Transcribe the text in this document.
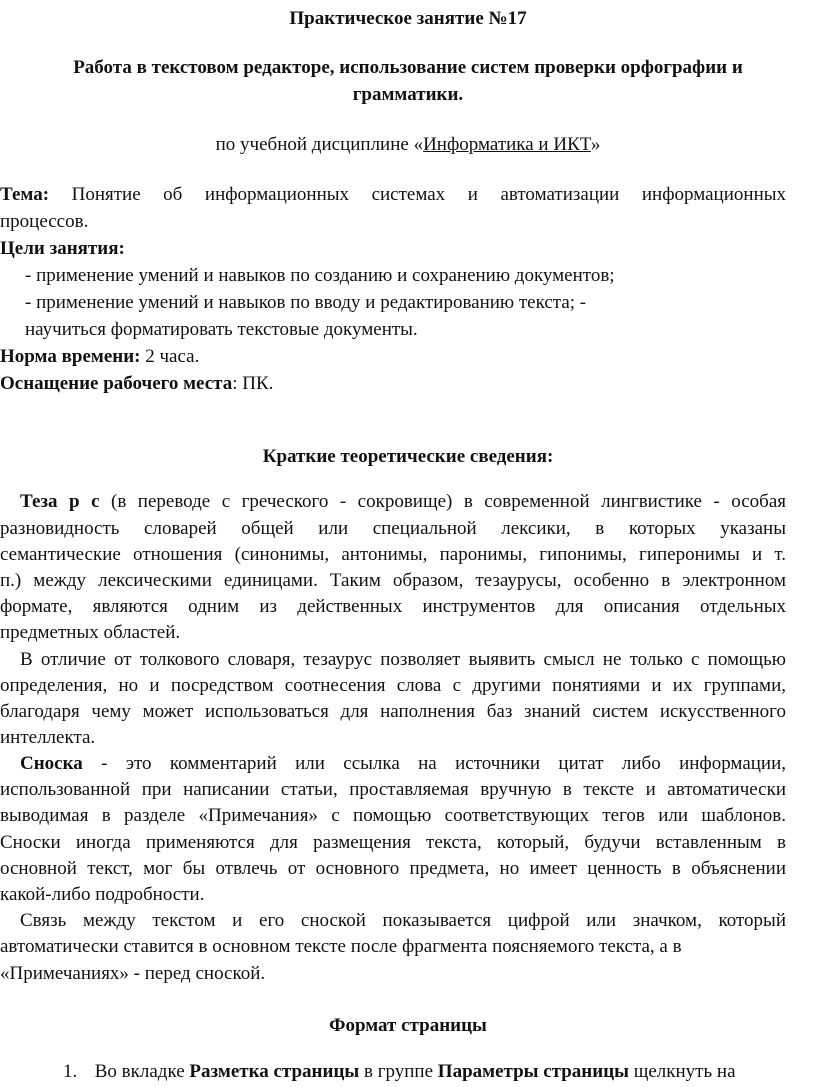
Практическое занятие №17
Работа в текстовом редакторе, использование систем проверки орфографии и
грамматики.
по учебной дисциплине «Информатика и ИКТ»
Тема: Понятие об информационных системах и автоматизации информационных
процессов.
Цели занятия:
- применение умений и навыков по созданию и сохранению документов;
- применение умений и навыков по вводу и редактированию текста; -
научиться форматировать текстовые документы.
Норма времени: 2 часа.
Оснащение рабочего места: ПК.
Краткие теоретические сведения:
Теза р с (в переводе с греческого - сокровище) в современной лингвистике - особая
разновидность словарей общей или специальной лексики, в которых указаны
семантические отношения (синонимы, антонимы, паронимы, гипонимы, гиперонимы и т.
п.) между лексическими единицами. Таким образом, тезаурусы, особенно в электронном
формате, являются одним из действенных инструментов для описания отдельных
предметных областей.
В отличие от толкового словаря, тезаурус позволяет выявить смысл не только с помощью
определения, но и посредством соотнесения слова с другими понятиями и их группами,
благодаря чему может использоваться для наполнения баз знаний систем искусственного
интеллекта.
Сноска - это комментарий или ссылка на источники цитат либо информации,
использованной при написании статьи, проставляемая вручную в тексте и автоматически
выводимая в разделе «Примечания» с помощью соответствующих тегов или шаблонов.
Сноски иногда применяются для размещения текста, который, будучи вставленным в
основной текст, мог бы отвлечь от основного предмета, но имеет ценность в объяснении
какой-либо подробности.
Связь между текстом и его сноской показывается цифрой или значком, который
автоматически ставится в основном тексте после фрагмента поясняемого текста, а в
«Примечаниях» - перед сноской.
Формат страницы
1. Во вкладке Разметка страницы в группе Параметры страницы щелкнуть на
